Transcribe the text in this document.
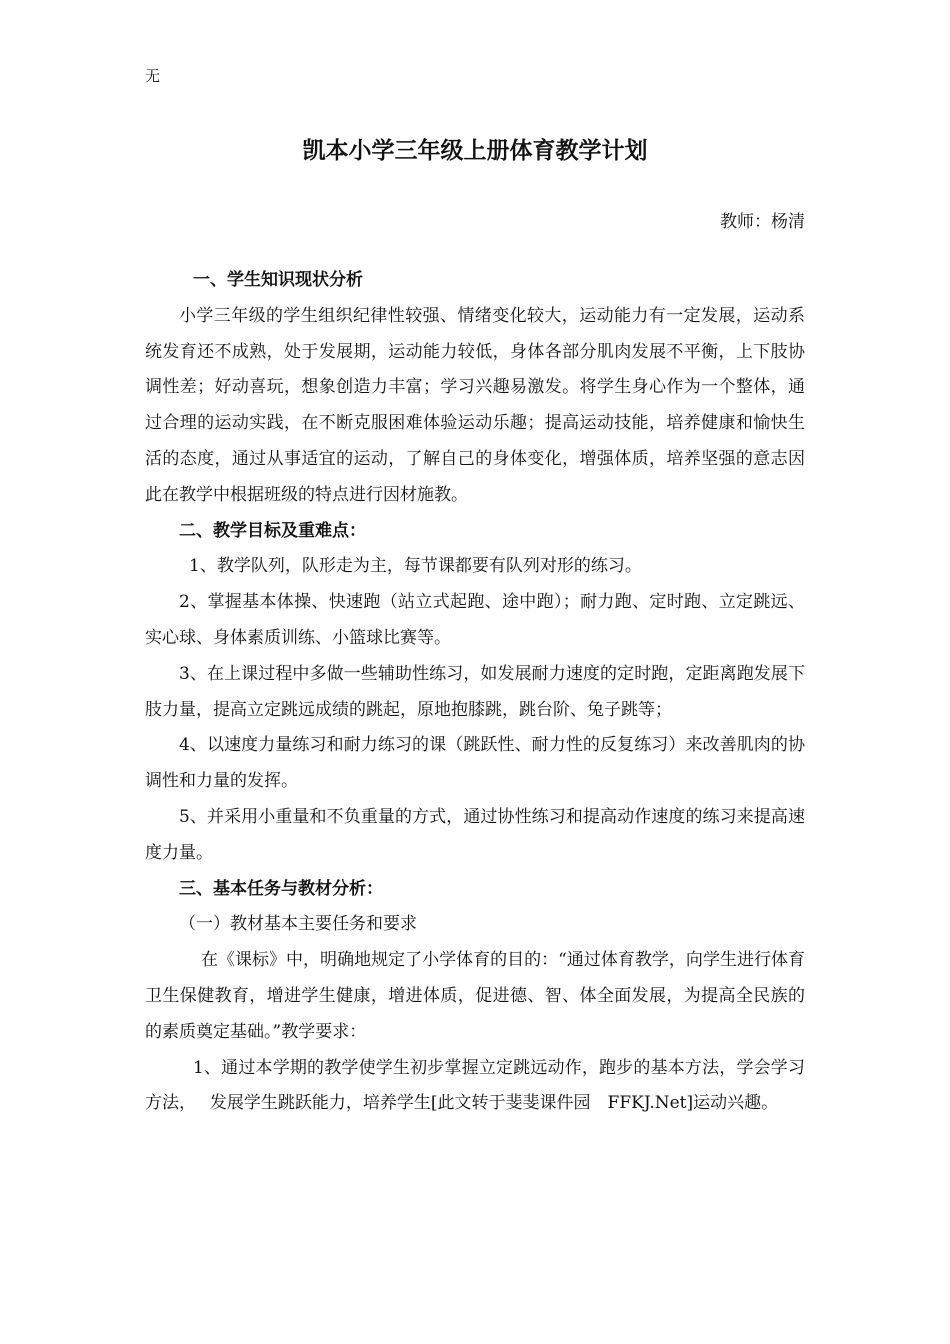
无
凯本小学三年级上册体育教学计划
教师：杨清

一、学生知识现状分析

小学三年级的学生组织纪律性较强、情绪变化较大，运动能力有一定发展，运动系统发育还不成熟，处于发展期，运动能力较低，身体各部分肌肉发展不平衡，上下肢协调性差；好动喜玩，想象创造力丰富；学习兴趣易激发。将学生身心作为一个整体，通过合理的运动实践，在不断克服困难体验运动乐趣；提高运动技能，培养健康和愉快生活的态度，通过从事适宜的运动，了解自己的身体变化，增强体质，培养坚强的意志因此在教学中根据班级的特点进行因材施教。

二、教学目标及重难点：

1、教学队列，队形走为主，每节课都要有队列对形的练习。

2、掌握基本体操、快速跑（站立式起跑、途中跑）；耐力跑、定时跑、立定跳远、实心球、身体素质训练、小篮球比赛等。

3、在上课过程中多做一些辅助性练习，如发展耐力速度的定时跑，定距离跑发展下肢力量，提高立定跳远成绩的跳起，原地抱膝跳，跳台阶、兔子跳等；

4、以速度力量练习和耐力练习的课（跳跃性、耐力性的反复练习）来改善肌肉的协调性和力量的发挥。

5、并采用小重量和不负重量的方式，通过协性练习和提高动作速度的练习来提高速度力量。

三、基本任务与教材分析：

（一）教材基本主要任务和要求

在《课标》中，明确地规定了小学体育的目的：“通过体育教学，向学生进行体育卫生保健教育，增进学生健康，增进体质，促进德、智、体全面发展，为提高全民族的的素质奠定基础。”教学要求：

1、通过本学期的教学使学生初步掌握立定跳远动作，跑步的基本方法，学会学习方法，　 发展学生跳跃能力，培养学生[此文转于斐斐课件园　FFKJ.Net]运动兴趣。
